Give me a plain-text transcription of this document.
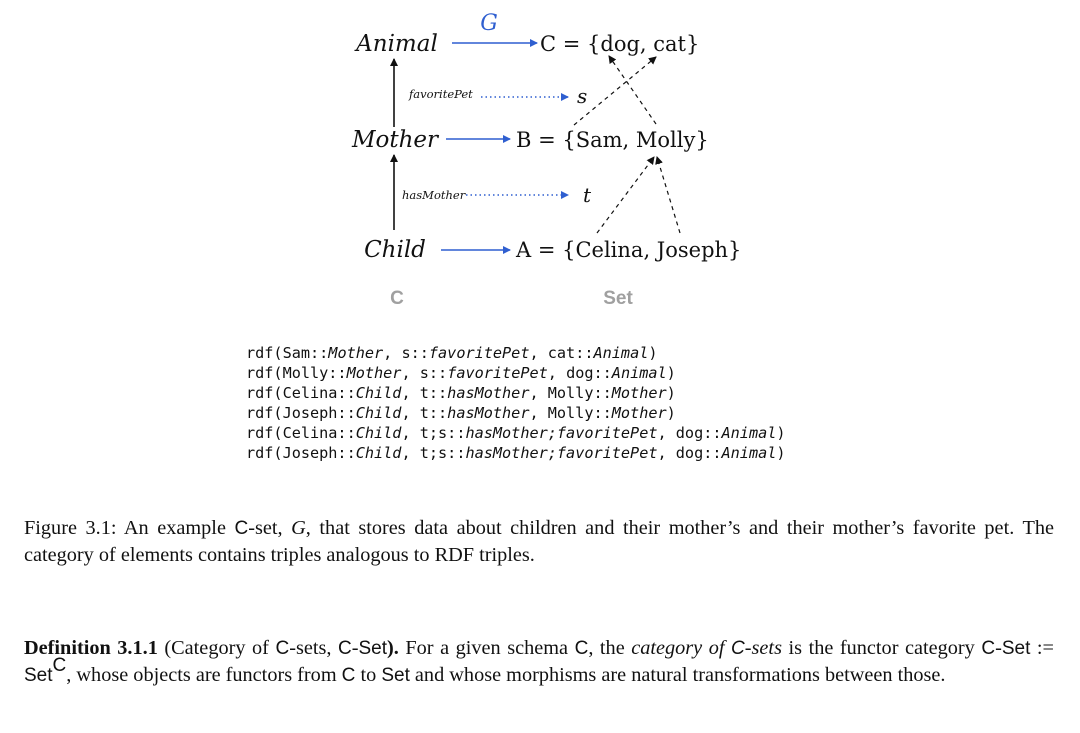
G
Animal
Mother
Child
C = {dog, cat}
B = {Sam, Molly}
A = {Celina, Joseph}
favoritePet
hasMother
s
t
C	Set
rdf(Sam::Mother, s::favoritePet, cat::Animal)
rdf(Molly::Mother, s::favoritePet, dog::Animal)
rdf(Celina::Child, t::hasMother, Molly::Mother)
rdf(Joseph::Child, t::hasMother, Molly::Mother)
rdf(Celina::Child, t;s::hasMother;favoritePet, dog::Animal)
rdf(Joseph::Child, t;s::hasMother;favoritePet, dog::Animal)
Figure 3.1: An example C-set, G, that stores data about children and their mother’s and their mother’s favorite pet. The category of elements contains triples analogous to RDF triples.
Definition 3.1.1 (Category of C-sets, C-Set). For a given schema C, the category of C-sets is the functor category C-Set := Set$^C$, whose objects are functors from C to Set and whose morphisms are natural transformations between those.
